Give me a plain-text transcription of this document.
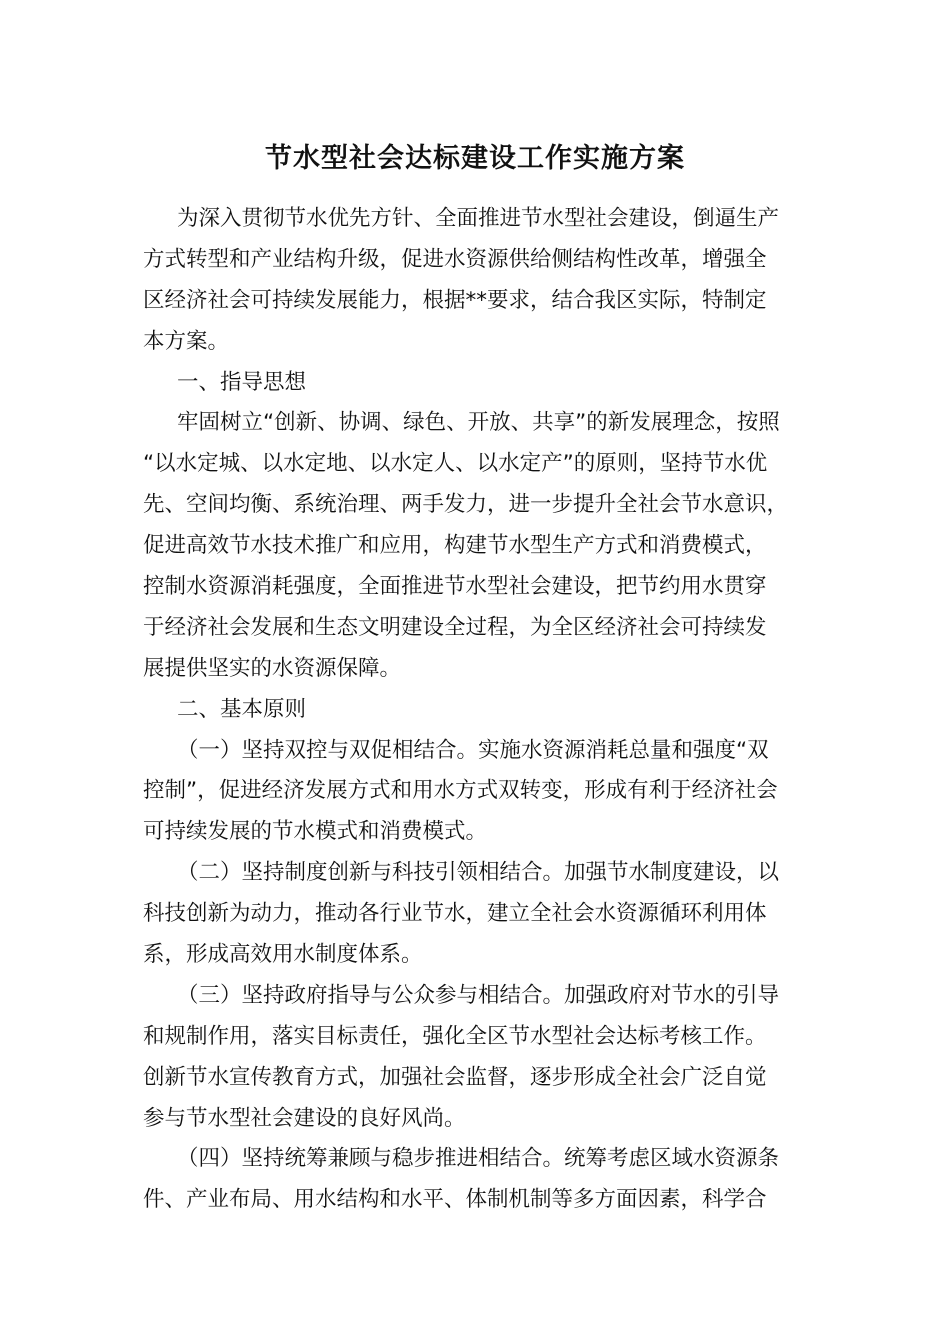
节水型社会达标建设工作实施方案
为深入贯彻节水优先方针、全面推进节水型社会建设，倒逼生产
方式转型和产业结构升级，促进水资源供给侧结构性改革，增强全
区经济社会可持续发展能力，根据**要求，结合我区实际，特制定
本方案。
一、指导思想
牢固树立“创新、协调、绿色、开放、共享”的新发展理念，按照
“以水定城、以水定地、以水定人、以水定产”的原则，坚持节水优
先、空间均衡、系统治理、两手发力，进一步提升全社会节水意识，
促进高效节水技术推广和应用，构建节水型生产方式和消费模式，
控制水资源消耗强度，全面推进节水型社会建设，把节约用水贯穿
于经济社会发展和生态文明建设全过程，为全区经济社会可持续发
展提供坚实的水资源保障。
二、基本原则
（一）坚持双控与双促相结合。实施水资源消耗总量和强度“双
控制”，促进经济发展方式和用水方式双转变，形成有利于经济社会
可持续发展的节水模式和消费模式。
（二）坚持制度创新与科技引领相结合。加强节水制度建设，以
科技创新为动力，推动各行业节水，建立全社会水资源循环利用体
系，形成高效用水制度体系。
（三）坚持政府指导与公众参与相结合。加强政府对节水的引导
和规制作用，落实目标责任，强化全区节水型社会达标考核工作。
创新节水宣传教育方式，加强社会监督，逐步形成全社会广泛自觉
参与节水型社会建设的良好风尚。
（四）坚持统筹兼顾与稳步推进相结合。统筹考虑区域水资源条
件、产业布局、用水结构和水平、体制机制等多方面因素，科学合
